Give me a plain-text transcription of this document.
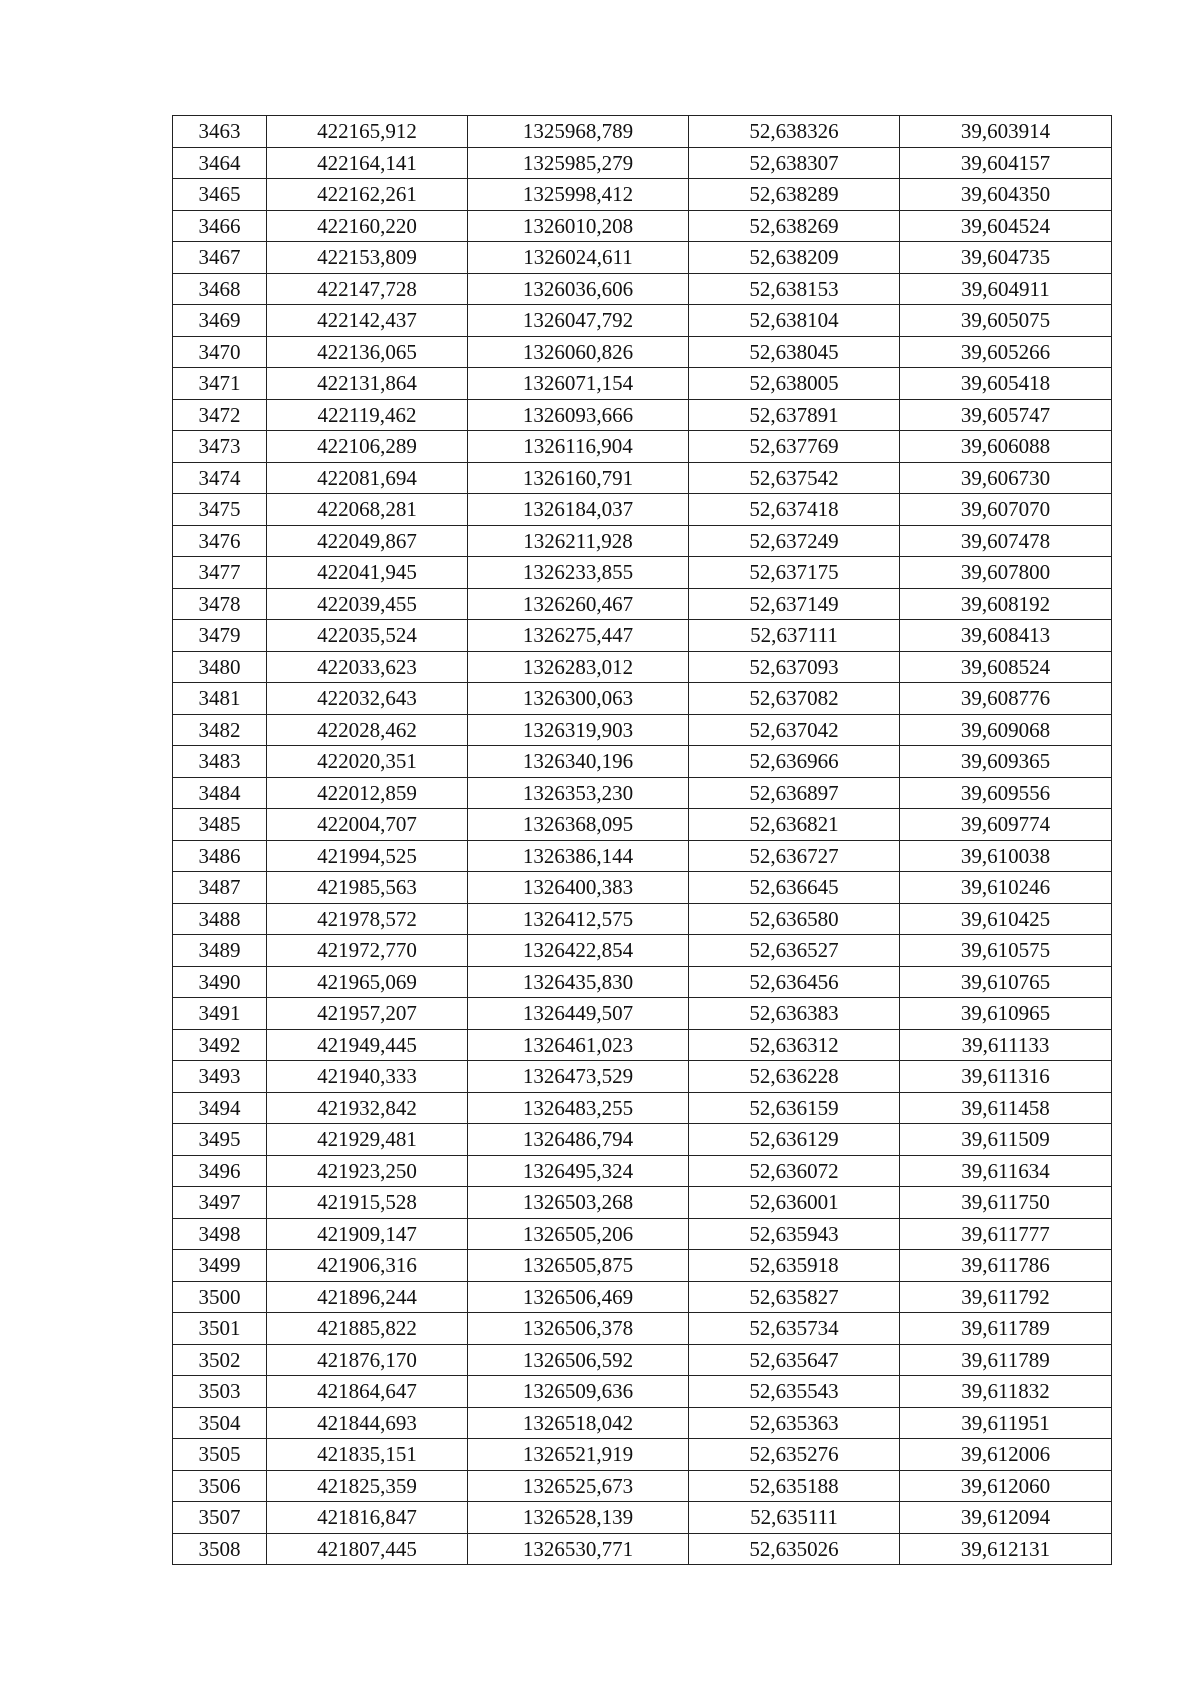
3463	422165,912	1325968,789	52,638326	39,603914
3464	422164,141	1325985,279	52,638307	39,604157
3465	422162,261	1325998,412	52,638289	39,604350
3466	422160,220	1326010,208	52,638269	39,604524
3467	422153,809	1326024,611	52,638209	39,604735
3468	422147,728	1326036,606	52,638153	39,604911
3469	422142,437	1326047,792	52,638104	39,605075
3470	422136,065	1326060,826	52,638045	39,605266
3471	422131,864	1326071,154	52,638005	39,605418
3472	422119,462	1326093,666	52,637891	39,605747
3473	422106,289	1326116,904	52,637769	39,606088
3474	422081,694	1326160,791	52,637542	39,606730
3475	422068,281	1326184,037	52,637418	39,607070
3476	422049,867	1326211,928	52,637249	39,607478
3477	422041,945	1326233,855	52,637175	39,607800
3478	422039,455	1326260,467	52,637149	39,608192
3479	422035,524	1326275,447	52,637111	39,608413
3480	422033,623	1326283,012	52,637093	39,608524
3481	422032,643	1326300,063	52,637082	39,608776
3482	422028,462	1326319,903	52,637042	39,609068
3483	422020,351	1326340,196	52,636966	39,609365
3484	422012,859	1326353,230	52,636897	39,609556
3485	422004,707	1326368,095	52,636821	39,609774
3486	421994,525	1326386,144	52,636727	39,610038
3487	421985,563	1326400,383	52,636645	39,610246
3488	421978,572	1326412,575	52,636580	39,610425
3489	421972,770	1326422,854	52,636527	39,610575
3490	421965,069	1326435,830	52,636456	39,610765
3491	421957,207	1326449,507	52,636383	39,610965
3492	421949,445	1326461,023	52,636312	39,611133
3493	421940,333	1326473,529	52,636228	39,611316
3494	421932,842	1326483,255	52,636159	39,611458
3495	421929,481	1326486,794	52,636129	39,611509
3496	421923,250	1326495,324	52,636072	39,611634
3497	421915,528	1326503,268	52,636001	39,611750
3498	421909,147	1326505,206	52,635943	39,611777
3499	421906,316	1326505,875	52,635918	39,611786
3500	421896,244	1326506,469	52,635827	39,611792
3501	421885,822	1326506,378	52,635734	39,611789
3502	421876,170	1326506,592	52,635647	39,611789
3503	421864,647	1326509,636	52,635543	39,611832
3504	421844,693	1326518,042	52,635363	39,611951
3505	421835,151	1326521,919	52,635276	39,612006
3506	421825,359	1326525,673	52,635188	39,612060
3507	421816,847	1326528,139	52,635111	39,612094
3508	421807,445	1326530,771	52,635026	39,612131
